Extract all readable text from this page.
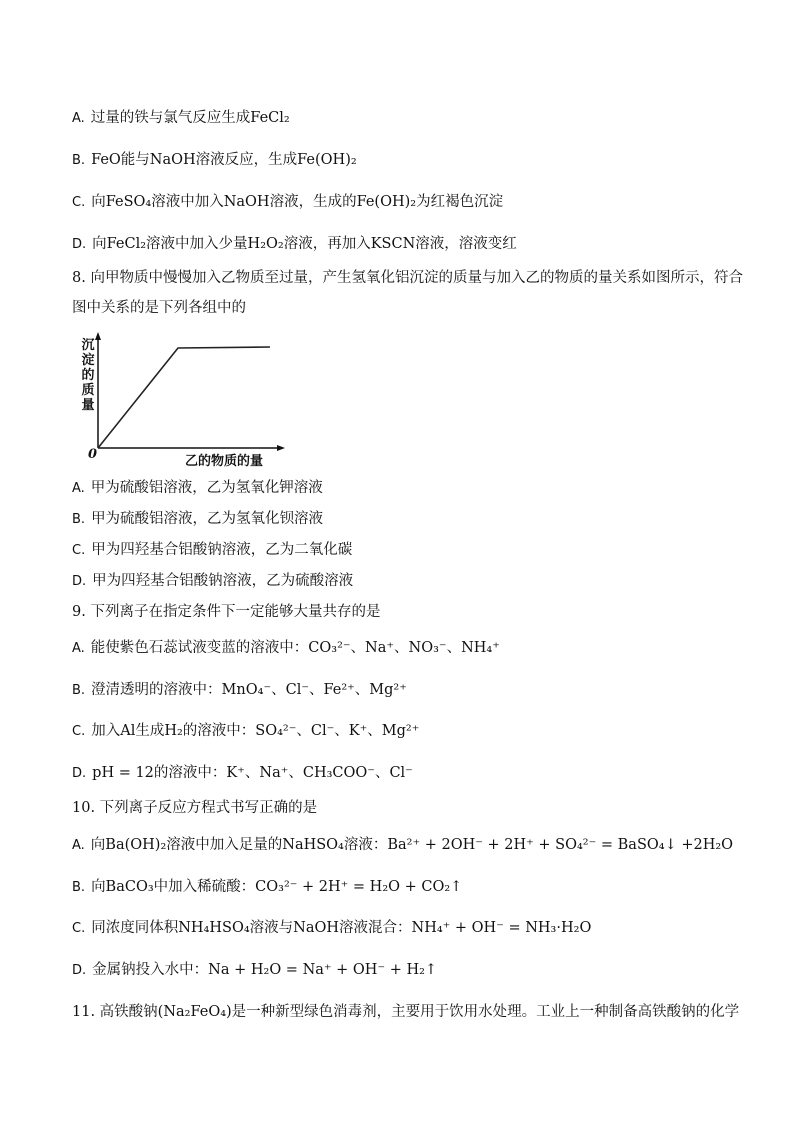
A. 过量的铁与氯气反应生成FeCl₂
B. FeO能与NaOH溶液反应，生成Fe(OH)₂
C. 向FeSO₄溶液中加入NaOH溶液，生成的Fe(OH)₂为红褐色沉淀
D. 向FeCl₂溶液中加入少量H₂O₂溶液，再加入KSCN溶液，溶液变红
8. 向甲物质中慢慢加入乙物质至过量，产生氢氧化铝沉淀的质量与加入乙的物质的量关系如图所示，符合
图中关系的是下列各组中的
沉淀的质量
0	乙的物质的量
A. 甲为硫酸铝溶液，乙为氢氧化钾溶液
B. 甲为硫酸铝溶液，乙为氢氧化钡溶液
C. 甲为四羟基合铝酸钠溶液，乙为二氧化碳
D. 甲为四羟基合铝酸钠溶液，乙为硫酸溶液
9. 下列离子在指定条件下一定能够大量共存的是
A. 能使紫色石蕊试液变蓝的溶液中：CO₃²⁻、Na⁺、NO₃⁻、NH₄⁺
B. 澄清透明的溶液中：MnO₄⁻、Cl⁻、Fe²⁺、Mg²⁺
C. 加入Al生成H₂的溶液中：SO₄²⁻、Cl⁻、K⁺、Mg²⁺
D. pH = 12的溶液中：K⁺、Na⁺、CH₃COO⁻、Cl⁻
10. 下列离子反应方程式书写正确的是
A. 向Ba(OH)₂溶液中加入足量的NaHSO₄溶液：Ba²⁺ + 2OH⁻ + 2H⁺ + SO₄²⁻ = BaSO₄↓ +2H₂O
B. 向BaCO₃中加入稀硫酸：CO₃²⁻ + 2H⁺ = H₂O + CO₂↑
C. 同浓度同体积NH₄HSO₄溶液与NaOH溶液混合：NH₄⁺ + OH⁻ = NH₃·H₂O
D. 金属钠投入水中：Na + H₂O = Na⁺ + OH⁻ + H₂↑
11. 高铁酸钠(Na₂FeO₄)是一种新型绿色消毒剂，主要用于饮用水处理。工业上一种制备高铁酸钠的化学
